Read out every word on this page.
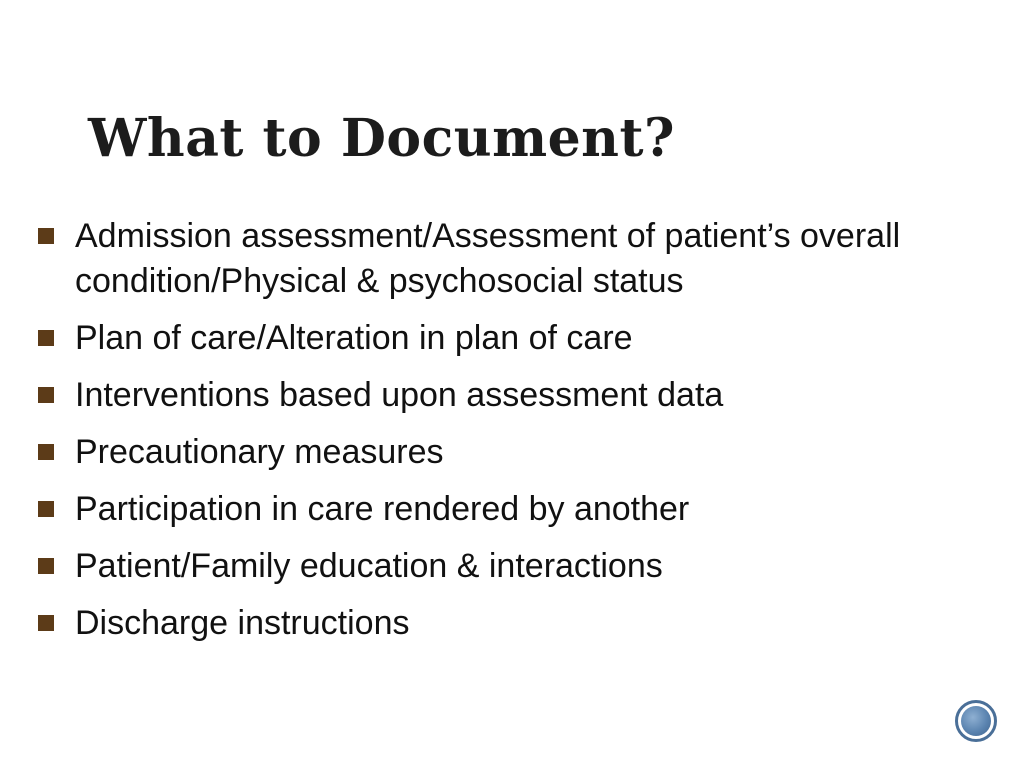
What to Document?
Admission assessment/Assessment of patient’s overall condition/Physical & psychosocial status
Plan of care/Alteration in plan of care
Interventions based upon assessment data
Precautionary measures
Participation in care rendered by another
Patient/Family education & interactions
Discharge instructions
